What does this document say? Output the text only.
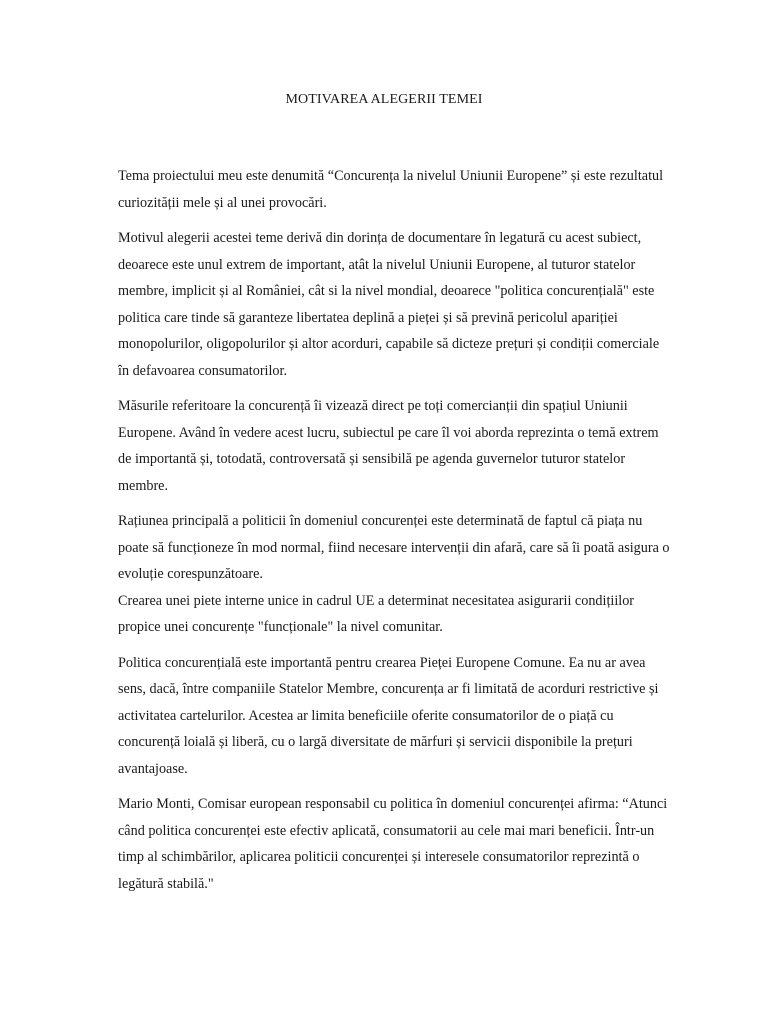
MOTIVAREA ALEGERII TEMEI

Tema proiectului meu este denumită “Concurența la nivelul Uniunii Europene” și este rezultatul
curiozității mele și al unei provocări.

Motivul alegerii acestei teme derivă din dorința de documentare în legatură cu acest subiect,
deoarece este unul extrem de important, atât la nivelul Uniunii Europene, al tuturor statelor
membre, implicit și al României, cât si la nivel mondial, deoarece "politica concurențială" este
politica care tinde să garanteze libertatea deplină a pieței și să prevină pericolul apariției
monopolurilor, oligopolurilor și altor acorduri, capabile să dicteze prețuri și condiții comerciale
în defavoarea consumatorilor.

Măsurile referitoare la concurență îi vizează direct pe toți comercianții din spațiul Uniunii
Europene. Având în vedere acest lucru, subiectul pe care îl voi aborda reprezinta o temă extrem
de importantă și, totodată, controversată și sensibilă pe agenda guvernelor tuturor statelor
membre.

Rațiunea principală a politicii în domeniul concurenței este determinată de faptul că piața nu
poate să funcționeze în mod normal, fiind necesare intervenții din afară, care să îi poată asigura o
evoluție corespunzătoare.
Crearea unei piete interne unice in cadrul UE a determinat necesitatea asigurarii condițiilor
propice unei concurențe "funcționale" la nivel comunitar.

Politica concurențială este importantă pentru crearea Pieței Europene Comune. Ea nu ar avea
sens, dacă, între companiile Statelor Membre, concurența ar fi limitată de acorduri restrictive și
activitatea cartelurilor. Acestea ar limita beneficiile oferite consumatorilor de o piață cu
concurență loială și liberă, cu o largă diversitate de mărfuri și servicii disponibile la prețuri
avantajoase.

Mario Monti, Comisar european responsabil cu politica în domeniul concurenței afirma: “Atunci
când politica concurenței este efectiv aplicată, consumatorii au cele mai mari beneficii. Într-un
timp al schimbărilor, aplicarea politicii concurenței și interesele consumatorilor reprezintă o
legătură stabilă."
